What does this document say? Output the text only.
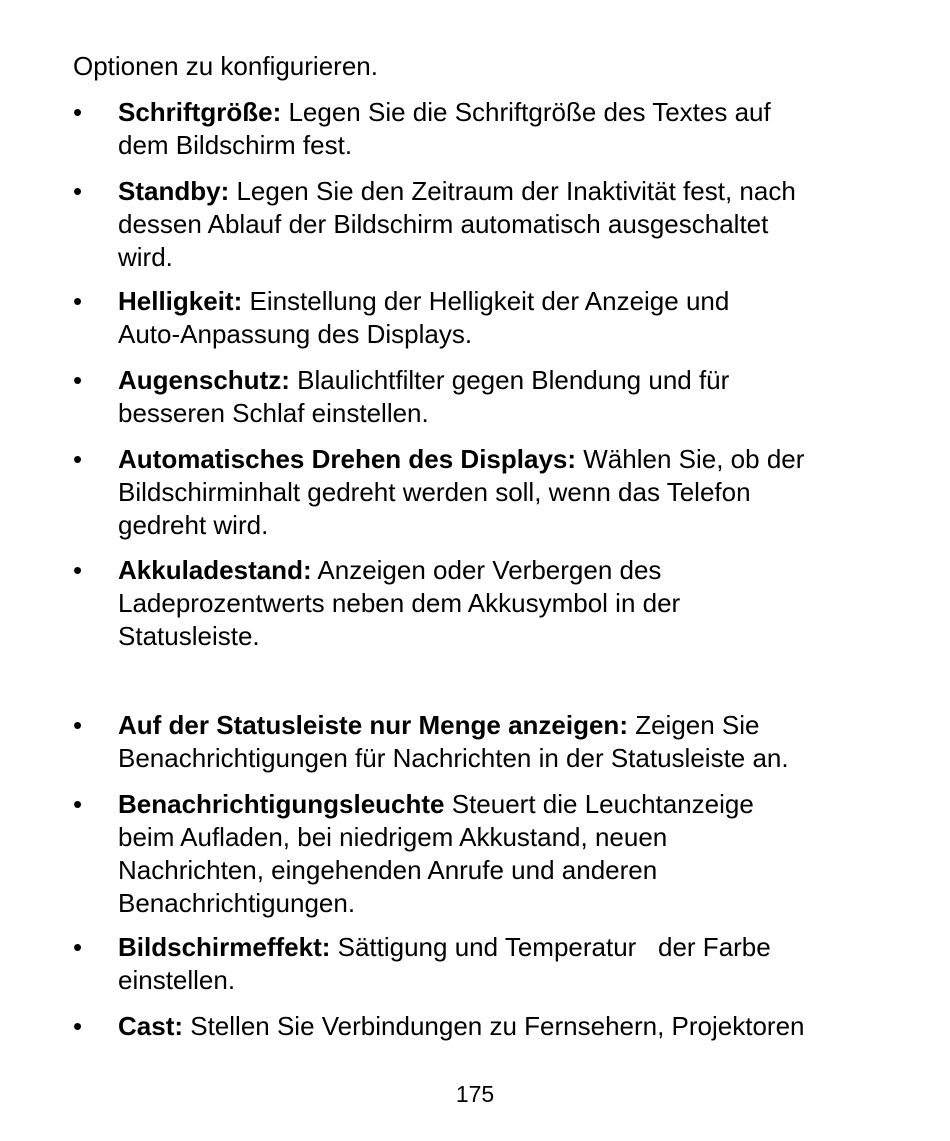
Optionen zu konfigurieren.

•	Schriftgröße: Legen Sie die Schriftgröße des Textes auf
dem Bildschirm fest.
•	Standby: Legen Sie den Zeitraum der Inaktivität fest, nach
dessen Ablauf der Bildschirm automatisch ausgeschaltet
wird.
•	Helligkeit: Einstellung der Helligkeit der Anzeige und
Auto-Anpassung des Displays.
•	Augenschutz: Blaulichtfilter gegen Blendung und für
besseren Schlaf einstellen.
•	Automatisches Drehen des Displays: Wählen Sie, ob der
Bildschirminhalt gedreht werden soll, wenn das Telefon
gedreht wird.
•	Akkuladestand: Anzeigen oder Verbergen des
Ladeprozentwerts neben dem Akkusymbol in der
Statusleiste.
•	Auf der Statusleiste nur Menge anzeigen: Zeigen Sie
Benachrichtigungen für Nachrichten in der Statusleiste an.
•	Benachrichtigungsleuchte Steuert die Leuchtanzeige
beim Aufladen, bei niedrigem Akkustand, neuen
Nachrichten, eingehenden Anrufe und anderen
Benachrichtigungen.
•	Bildschirmeffekt: Sättigung und Temperatur   der Farbe
einstellen.
•	Cast: Stellen Sie Verbindungen zu Fernsehern, Projektoren

175
